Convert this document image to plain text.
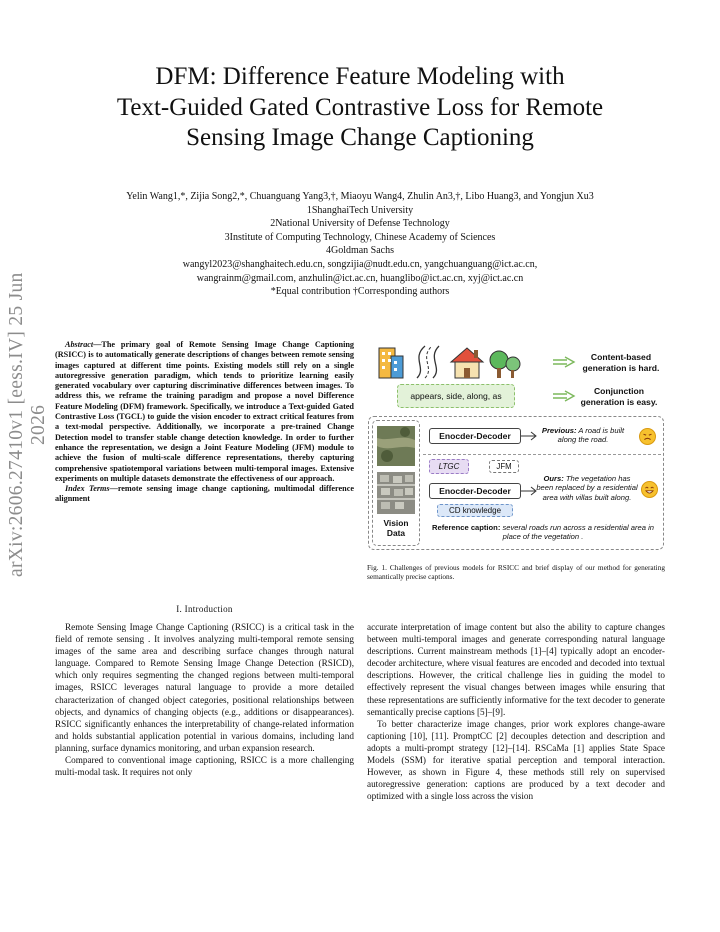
arXiv:2606.27410v1 [eess.IV] 25 Jun 2026
DFM: Difference Feature Modeling with
Text-Guided Gated Contrastive Loss for Remote
Sensing Image Change Captioning
Yelin Wang1,*, Zijia Song2,*, Chuanguang Yang3,†, Miaoyu Wang4, Zhulin An3,†, Libo Huang3, and Yongjun Xu3
1ShanghaiTech University
2National University of Defense Technology
3Institute of Computing Technology, Chinese Academy of Sciences
4Goldman Sachs
wangyl2023@shanghaitech.edu.cn, songzijia@nudt.edu.cn, yangchuanguang@ict.ac.cn,
wangrainm@gmail.com, anzhulin@ict.ac.cn, huanglibo@ict.ac.cn, xyj@ict.ac.cn
*Equal contribution †Corresponding authors

Abstract—The primary goal of Remote Sensing Image Change Captioning (RSICC) is to automatically generate descriptions of changes between remote sensing images captured at different time points. Existing models still rely on a single autoregressive generation paradigm, which tends to prioritize learning easily generated vocabulary over capturing discriminative differences between images. To address this, we reframe the training paradigm and propose a novel Difference Feature Modeling (DFM) framework. Specifically, we introduce a Text-guided Gated Contrastive Loss (TGCL) to guide the vision encoder to extract critical features from a text-modal perspective. Additionally, we incorporate a pre-trained Change Detection model to transfer stable change detection knowledge. In order to further enhance the representation, we design a Joint Feature Modeling (JFM) module to achieve the fusion of multi-scale difference representations, thereby capturing comprehensive spatiotemporal variations between multi-temporal images. Extensive experiments on multiple datasets demonstrate the effectiveness of our approach.

Index Terms—remote sensing image change captioning, multimodal difference alignment

I. Introduction

Remote Sensing Image Change Captioning (RSICC) is a critical task in the field of remote sensing . It involves analyzing multi-temporal remote sensing images of the same area and describing surface changes through natural language. Compared to Remote Sensing Image Change Detection (RSICD), which only requires segmenting the changed regions between multi-temporal images, RSICC leverages natural language to provide a more detailed characterization of changed object categories, positional relationships between objects, and dynamics of changing objects (e.g., additions or disappearances). RSICC significantly enhances the interpretability of change-related information and holds substantial application potential in various domains, including land planning, surface dynamics monitoring, and urban expansion research.

Compared to conventional image captioning, RSICC is a more challenging multi-modal task. It requires not only

Content-based generation is hard.
appears, side, along, as	Conjunction generation is easy.
Vision Data
Enocder-Decoder
Previous: A road is built along the road.
LTGC	JFM
Enocder-Decoder
Ours: The vegetation has been replaced by a residential area with villas built along.
CD knowledge
Reference caption: several roads run across a residential area in place of the vegetation .
Fig. 1. Challenges of previous models for RSICC and brief display of our method for generating semantically precise captions.

accurate interpretation of image content but also the ability to capture changes between multi-temporal images and generate corresponding natural language descriptions. Current mainstream methods [1]–[4] typically adopt an encoder-decoder architecture, where visual features are encoded and decoded into textual descriptions. However, the critical challenge lies in guiding the model to effectively represent the visual changes between images while ensuring that these representations are sufficiently informative for the text decoder to generate semantically precise captions [5]–[9].

To better characterize image changes, prior work explores change-aware captioning [10], [11]. PromptCC [2] decouples detection and description and adopts a multi-prompt strategy [12]–[14]. RSCaMa [1] applies State Space Models (SSM) for iterative spatial perception and temporal interaction. However, as shown in Figure 4, these methods still rely on supervised autoregressive generation: captions are produced by a text decoder and optimized with a single loss across the vision
